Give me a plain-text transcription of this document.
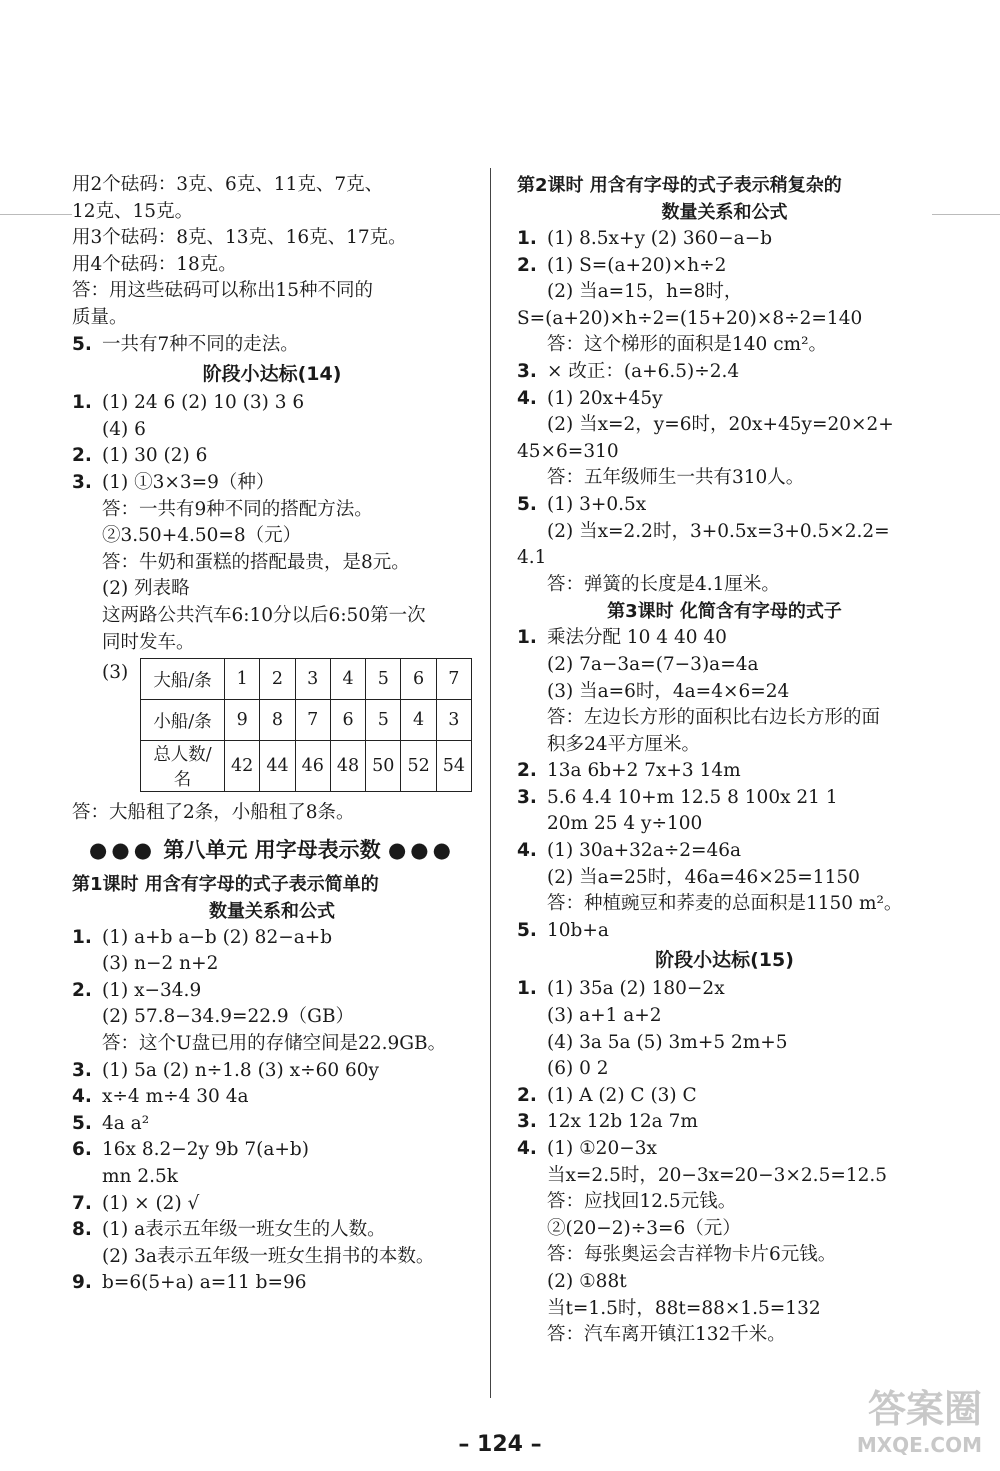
用2个砝码：3克、6克、11克、7克、
12克、15克。
用3个砝码：8克、13克、16克、17克。
用4个砝码：18克。
答：用这些砝码可以称出15种不同的
质量。
5. 一共有7种不同的走法。
阶段小达标(14)
1. (1) 24 6 (2) 10 (3) 3 6
(4) 6
2. (1) 30 (2) 6
3. (1) ①3×3=9（种）
答：一共有9种不同的搭配方法。
②3.50+4.50=8（元）
答：牛奶和蛋糕的搭配最贵，是8元。
(2) 列表略
这两路公共汽车6:10分以后6:50第一次
同时发车。
(3) 大船/条	1	2	3	4	5	6	7
小船/条	9	8	7	6	5	4	3
总人数/名	42	44	46	48	50	52	54
答：大船租了2条，小船租了8条。
●●● 第八单元 用字母表示数 ●●●
第1课时 用含有字母的式子表示简单的
数量关系和公式
1. (1) a+b a−b (2) 82−a+b
(3) n−2 n+2
2. (1) x−34.9
(2) 57.8−34.9=22.9（GB）
答：这个U盘已用的存储空间是22.9GB。
3. (1) 5a (2) n÷1.8 (3) x÷60 60y
4. x÷4 m÷4 30 4a
5. 4a a²
6. 16x 8.2−2y 9b 7(a+b)
mn 2.5k
7. (1) × (2) √
8. (1) a表示五年级一班女生的人数。
(2) 3a表示五年级一班女生捐书的本数。
9. b=6(5+a) a=11 b=96
第2课时 用含有字母的式子表示稍复杂的
数量关系和公式
1. (1) 8.5x+y (2) 360−a−b
2. (1) S=(a+20)×h÷2
(2) 当a=15，h=8时，
S=(a+20)×h÷2=(15+20)×8÷2=140
答：这个梯形的面积是140 cm²。
3. × 改正：(a+6.5)÷2.4
4. (1) 20x+45y
(2) 当x=2，y=6时，20x+45y=20×2+
45×6=310
答：五年级师生一共有310人。
5. (1) 3+0.5x
(2) 当x=2.2时，3+0.5x=3+0.5×2.2=
4.1
答：弹簧的长度是4.1厘米。
第3课时 化简含有字母的式子
1. 乘法分配 10 4 40 40
(2) 7a−3a=(7−3)a=4a
(3) 当a=6时，4a=4×6=24
答：左边长方形的面积比右边长方形的面
积多24平方厘米。
2. 13a 6b+2 7x+3 14m
3. 5.6 4.4 10+m 12.5 8 100x 21 1
20m 25 4 y÷100
4. (1) 30a+32a÷2=46a
(2) 当a=25时，46a=46×25=1150
答：种植豌豆和荞麦的总面积是1150 m²。
5. 10b+a
阶段小达标(15)
1. (1) 35a (2) 180−2x
(3) a+1 a+2
(4) 3a 5a (5) 3m+5 2m+5
(6) 0 2
2. (1) A (2) C (3) C
3. 12x 12b 12a 7m
4. (1) ①20−3x
当x=2.5时，20−3x=20−3×2.5=12.5
答：应找回12.5元钱。
②(20−2)÷3=6（元）
答：每张奥运会吉祥物卡片6元钱。
(2) ①88t
当t=1.5时，88t=88×1.5=132
答：汽车离开镇江132千米。
– 124 –
答案圈
MXQE.COM
